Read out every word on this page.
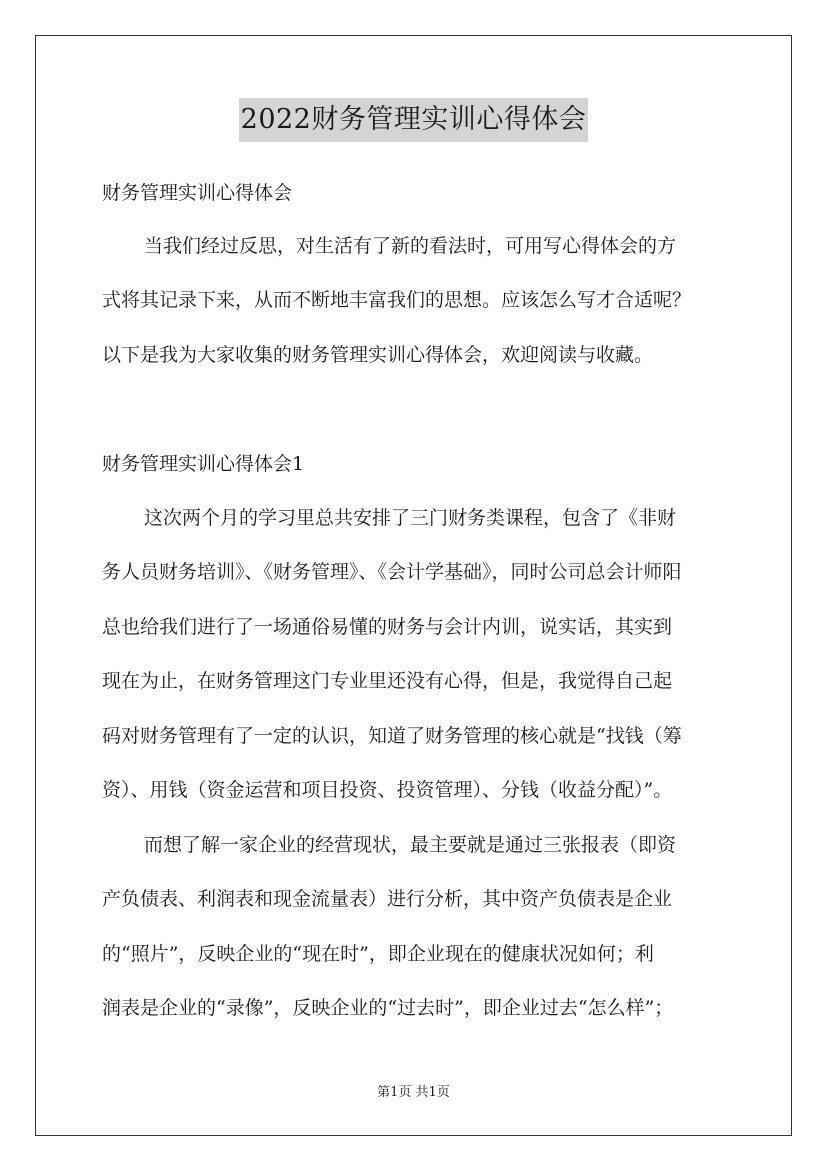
2022财务管理实训心得体会
财务管理实训心得体会
当我们经过反思，对生活有了新的看法时，可用写心得体会的方
式将其记录下来，从而不断地丰富我们的思想。应该怎么写才合适呢？
以下是我为大家收集的财务管理实训心得体会，欢迎阅读与收藏。
财务管理实训心得体会1
这次两个月的学习里总共安排了三门财务类课程，包含了《非财
务人员财务培训》、《财务管理》、《会计学基础》，同时公司总会计师阳
总也给我们进行了一场通俗易懂的财务与会计内训，说实话，其实到
现在为止，在财务管理这门专业里还没有心得，但是，我觉得自己起
码对财务管理有了一定的认识，知道了财务管理的核心就是“找钱（筹
资）、用钱（资金运营和项目投资、投资管理）、分钱（收益分配）”。
而想了解一家企业的经营现状，最主要就是通过三张报表（即资
产负债表、利润表和现金流量表）进行分析，其中资产负债表是企业
的“照片”，反映企业的“现在时”，即企业现在的健康状况如何；利
润表是企业的“录像”，反映企业的“过去时”，即企业过去“怎么样”；
第1页 共1页
